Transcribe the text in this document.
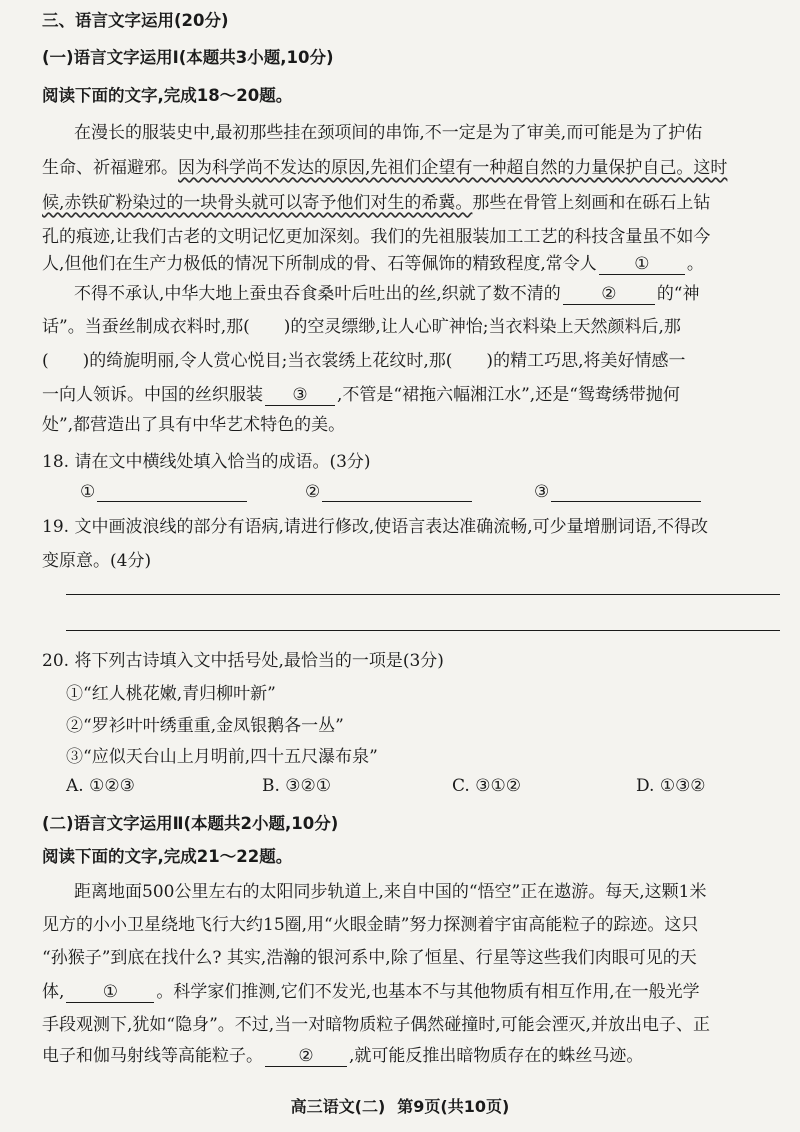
三、语言文字运用(20分)
(一)语言文字运用Ⅰ(本题共3小题,10分)
阅读下面的文字,完成18～20题。
在漫长的服装史中,最初那些挂在颈项间的串饰,不一定是为了审美,而可能是为了护佑
生命、祈福避邪。因为科学尚不发达的原因,先祖们企望有一种超自然的力量保护自己。这时
候,赤铁矿粉染过的一块骨头就可以寄予他们对生的希冀。那些在骨管上刻画和在砾石上钻
孔的痕迹,让我们古老的文明记忆更加深刻。我们的先祖服装加工工艺的科技含量虽不如今
人,但他们在生产力极低的情况下所制成的骨、石等佩饰的精致程度,常令人 ① 。
不得不承认,中华大地上蚕虫吞食桑叶后吐出的丝,织就了数不清的 ② 的“神
话”。当蚕丝制成衣料时,那(　　)的空灵缥缈,让人心旷神怡;当衣料染上天然颜料后,那
(　　)的绮旎明丽,令人赏心悦目;当衣裳绣上花纹时,那(　　)的精工巧思,将美好情感一
一向人领诉。中国的丝织服装 ③ ,不管是“裙拖六幅湘江水”,还是“鸳鸯绣带抛何
处”,都营造出了具有中华艺术特色的美。
18. 请在文中横线处填入恰当的成语。(3分)
①	②	③
19. 文中画波浪线的部分有语病,请进行修改,使语言表达准确流畅,可少量增删词语,不得改
变原意。(4分)
20. 将下列古诗填入文中括号处,最恰当的一项是(3分)
①“红人桃花嫩,青归柳叶新”
②“罗衫叶叶绣重重,金凤银鹅各一丛”
③“应似天台山上月明前,四十五尺瀑布泉”
A. ①②③	B. ③②①	C. ③①②	D. ①③②
(二)语言文字运用Ⅱ(本题共2小题,10分)
阅读下面的文字,完成21～22题。
距离地面500公里左右的太阳同步轨道上,来自中国的“悟空”正在遨游。每天,这颗1米
见方的小小卫星绕地飞行大约15圈,用“火眼金睛”努力探测着宇宙高能粒子的踪迹。这只
“孙猴子”到底在找什么? 其实,浩瀚的银河系中,除了恒星、行星等这些我们肉眼可见的天
体, ① 。科学家们推测,它们不发光,也基本不与其他物质有相互作用,在一般光学
手段观测下,犹如“隐身”。不过,当一对暗物质粒子偶然碰撞时,可能会湮灭,并放出电子、正
电子和伽马射线等高能粒子。 ② ,就可能反推出暗物质存在的蛛丝马迹。
高三语文(二) 第9页(共10页)
